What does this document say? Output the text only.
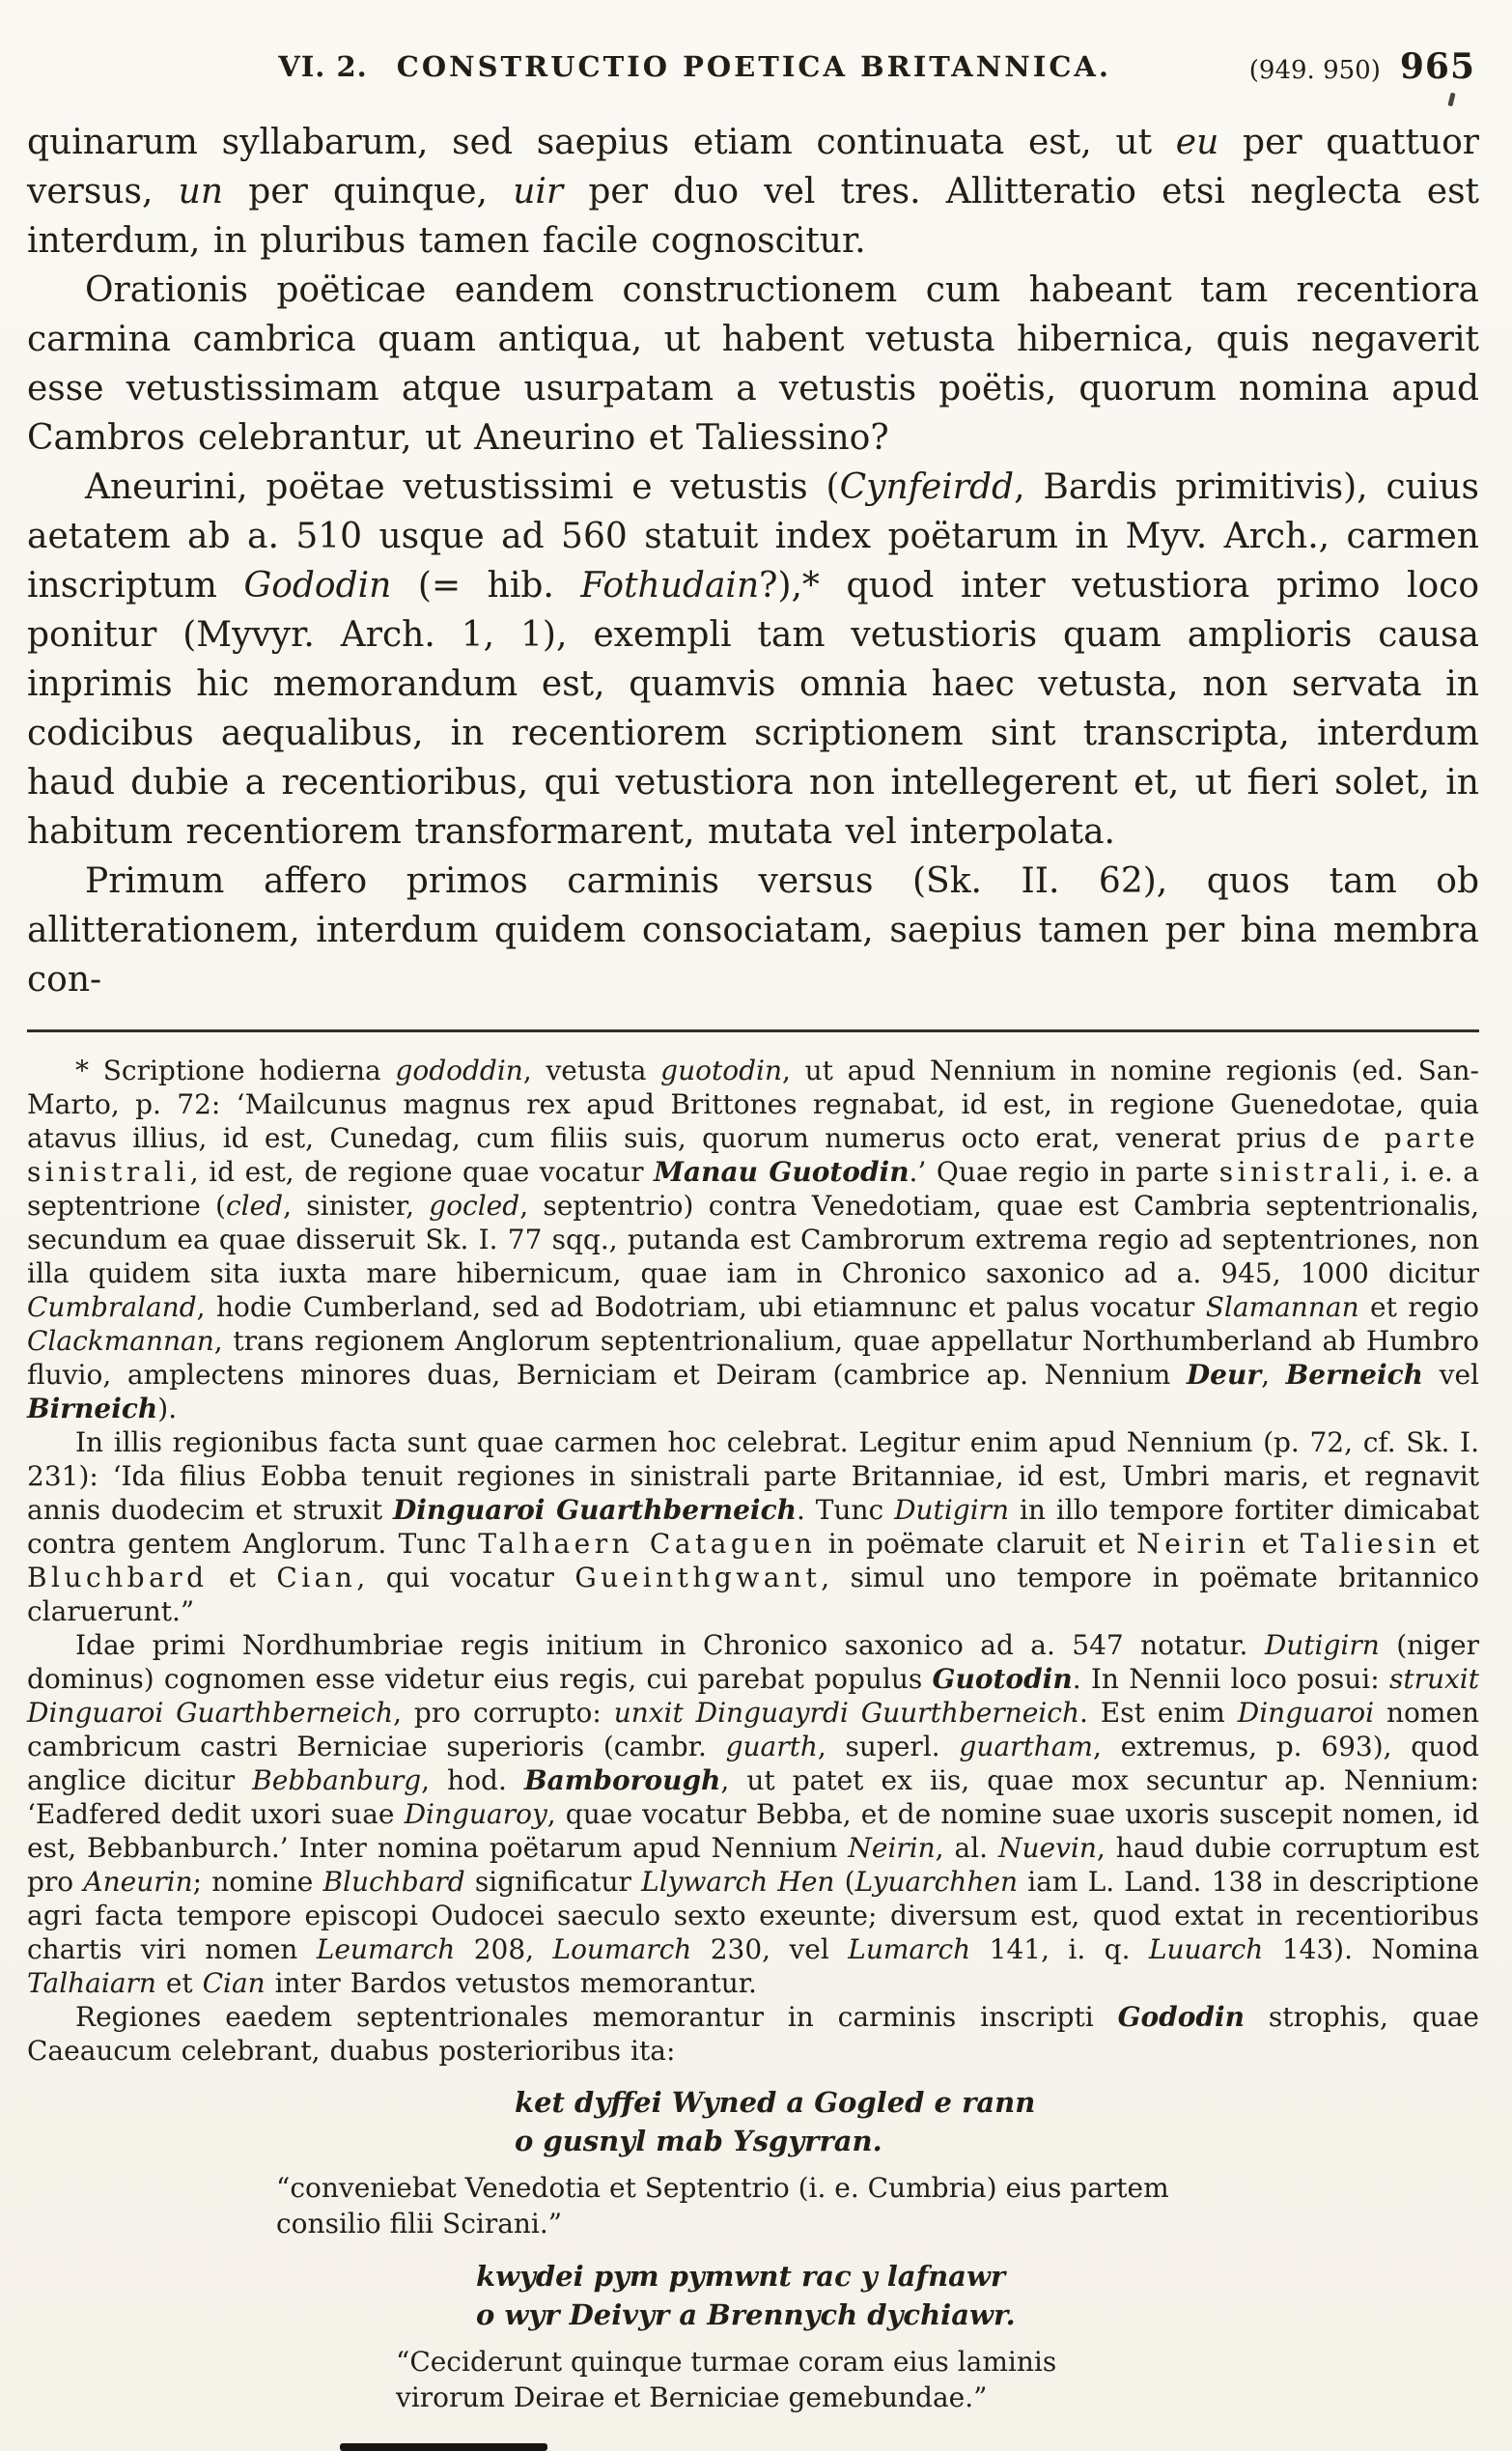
VI. 2. CONSTRUCTIO POETICA BRITANNICA.	(949. 950) 965

quinarum syllabarum, sed saepius etiam continuata est, ut eu per quattuor versus, un per quinque, uir per duo vel tres. Allitteratio etsi neglecta est interdum, in pluribus tamen facile cognoscitur.

Orationis poëticae eandem constructionem cum habeant tam recentiora carmina cambrica quam antiqua, ut habent vetusta hibernica, quis negaverit esse vetustissimam atque usurpatam a vetustis poëtis, quorum nomina apud Cambros celebrantur, ut Aneurino et Taliessino?

Aneurini, poëtae vetustissimi e vetustis (Cynfeirdd, Bardis primitivis), cuius aetatem ab a. 510 usque ad 560 statuit index poëtarum in Myv. Arch., carmen inscriptum Gododin (= hib. Fothudain?),* quod inter vetustiora primo loco ponitur (Myvyr. Arch. 1, 1), exempli tam vetustioris quam amplioris causa inprimis hic memorandum est, quamvis omnia haec vetusta, non servata in codicibus aequalibus, in recentiorem scriptionem sint transcripta, interdum haud dubie a recentioribus, qui vetustiora non intellegerent et, ut fieri solet, in habitum recentiorem transformarent, mutata vel interpolata.

Primum affero primos carminis versus (Sk. II. 62), quos tam ob allitterationem, interdum quidem consociatam, saepius tamen per bina membra con-

* Scriptione hodierna gododdin, vetusta guotodin, ut apud Nennium in nomine regionis (ed. San-Marto, p. 72: ‘Mailcunus magnus rex apud Brittones regnabat, id est, in regione Guenedotae, quia atavus illius, id est, Cunedag, cum filiis suis, quorum numerus octo erat, venerat prius de parte sinistrali, id est, de regione quae vocatur Manau Guotodin.’ Quae regio in parte sinistrali, i. e. a septentrione (cled, sinister, gocled, septentrio) contra Venedotiam, quae est Cambria septentrionalis, secundum ea quae disseruit Sk. I. 77 sqq., putanda est Cambrorum extrema regio ad septentriones, non illa quidem sita iuxta mare hibernicum, quae iam in Chronico saxonico ad a. 945, 1000 dicitur Cumbraland, hodie Cumberland, sed ad Bodotriam, ubi etiamnunc et palus vocatur Slamannan et regio Clackmannan, trans regionem Anglorum septentrionalium, quae appellatur Northumberland ab Humbro fluvio, amplectens minores duas, Berniciam et Deiram (cambrice ap. Nennium Deur, Berneich vel Birneich).

In illis regionibus facta sunt quae carmen hoc celebrat. Legitur enim apud Nennium (p. 72, cf. Sk. I. 231): ‘Ida filius Eobba tenuit regiones in sinistrali parte Britanniae, id est, Umbri maris, et regnavit annis duodecim et struxit Dinguaroi Guarthberneich. Tunc Dutigirn in illo tempore fortiter dimicabat contra gentem Anglorum. Tunc Talhaern Cataguen in poëmate claruit et Neirin et Taliesin et Bluchbard et Cian, qui vocatur Gueinthgwant, simul uno tempore in poëmate britannico claruerunt.”

Idae primi Nordhumbriae regis initium in Chronico saxonico ad a. 547 notatur. Dutigirn (niger dominus) cognomen esse videtur eius regis, cui parebat populus Guotodin. In Nennii loco posui: struxit Dinguaroi Guarthberneich, pro corrupto: unxit Dinguayrdi Guurthberneich. Est enim Dinguaroi nomen cambricum castri Berniciae superioris (cambr. guarth, superl. guartham, extremus, p. 693), quod anglice dicitur Bebbanburg, hod. Bamborough, ut patet ex iis, quae mox secuntur ap. Nennium: ‘Eadfered dedit uxori suae Dinguaroy, quae vocatur Bebba, et de nomine suae uxoris suscepit nomen, id est, Bebbanburch.’ Inter nomina poëtarum apud Nennium Neirin, al. Nuevin, haud dubie corruptum est pro Aneurin; nomine Bluchbard significatur Llywarch Hen (Lyuarchhen iam L. Land. 138 in descriptione agri facta tempore episcopi Oudocei saeculo sexto exeunte; diversum est, quod extat in recentioribus chartis viri nomen Leumarch 208, Loumarch 230, vel Lumarch 141, i. q. Luuarch 143). Nomina Talhaiarn et Cian inter Bardos vetustos memorantur.

Regiones eaedem septentrionales memorantur in carminis inscripti Gododin strophis, quae Caeaucum celebrant, duabus posterioribus ita:

ket dyffei Wyned a Gogled e rann
o gusnyl mab Ysgyrran.
“conveniebat Venedotia et Septentrio (i. e. Cumbria) eius partem
consilio filii Scirani.”
kwydei pym pymwnt rac y lafnawr
o wyr Deivyr a Brennych dychiawr.
“Ceciderunt quinque turmae coram eius laminis
virorum Deirae et Berniciae gemebundae.”
